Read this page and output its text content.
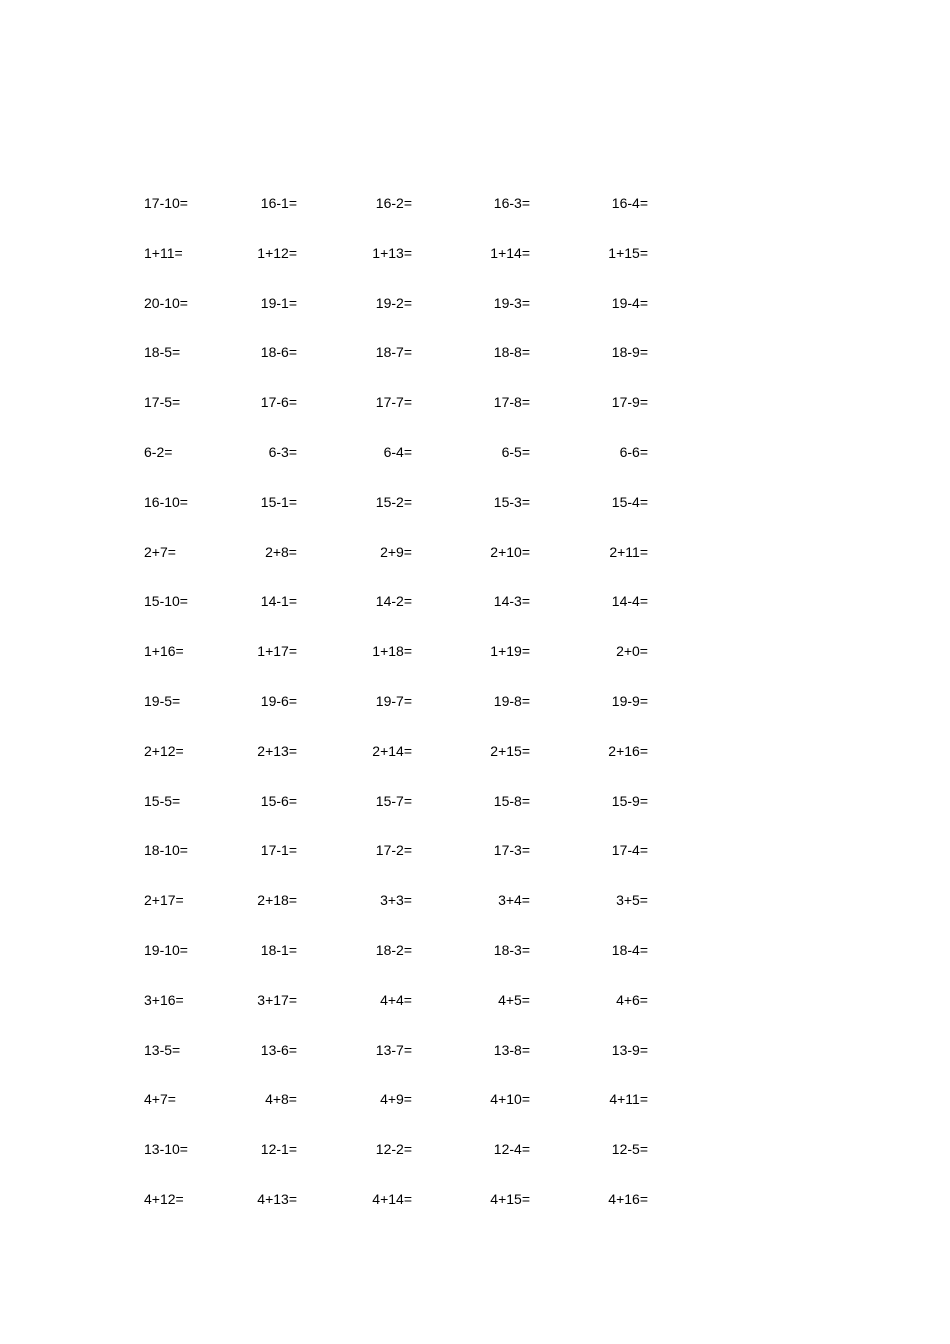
17-10=	16-1=	16-2=	16-3=	16-4=
1+11=	1+12=	1+13=	1+14=	1+15=
20-10=	19-1=	19-2=	19-3=	19-4=
18-5=	18-6=	18-7=	18-8=	18-9=
17-5=	17-6=	17-7=	17-8=	17-9=
6-2=	6-3=	6-4=	6-5=	6-6=
16-10=	15-1=	15-2=	15-3=	15-4=
2+7=	2+8=	2+9=	2+10=	2+11=
15-10=	14-1=	14-2=	14-3=	14-4=
1+16=	1+17=	1+18=	1+19=	2+0=
19-5=	19-6=	19-7=	19-8=	19-9=
2+12=	2+13=	2+14=	2+15=	2+16=
15-5=	15-6=	15-7=	15-8=	15-9=
18-10=	17-1=	17-2=	17-3=	17-4=
2+17=	2+18=	3+3=	3+4=	3+5=
19-10=	18-1=	18-2=	18-3=	18-4=
3+16=	3+17=	4+4=	4+5=	4+6=
13-5=	13-6=	13-7=	13-8=	13-9=
4+7=	4+8=	4+9=	4+10=	4+11=
13-10=	12-1=	12-2=	12-4=	12-5=
4+12=	4+13=	4+14=	4+15=	4+16=
